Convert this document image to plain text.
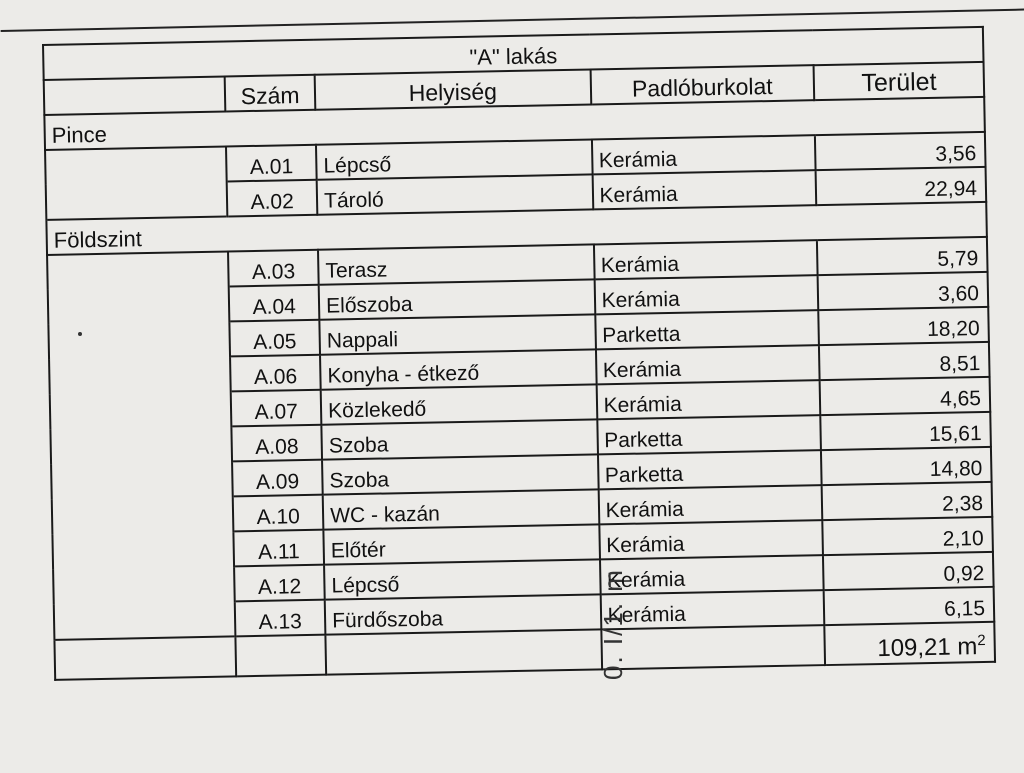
"A" lakás				
	Szám	Helyiség	Padlóburkolat	Terület
Pince				
	A.01	Lépcső	Kerámia	3,56
	A.02	Tároló	Kerámia	22,94
Földszint				
	A.03	Terasz	Kerámia	5,79
	A.04	Előszoba	Kerámia	3,60
	A.05	Nappali	Parketta	18,20
	A.06	Konyha - étkező	Kerámia	8,51
	A.07	Közlekedő	Kerámia	4,65
	A.08	Szoba	Parketta	15,61
	A.09	Szoba	Parketta	14,80
	A.10	WC - kazán	Kerámia	2,38
	A.11	Előtér	Kerámia	2,10
	A.12	Lépcső	Kerámia	0,92
	A.13	Fürdőszoba	Kerámia	6,15
				109,21 $m^2$
0. I/1. m
